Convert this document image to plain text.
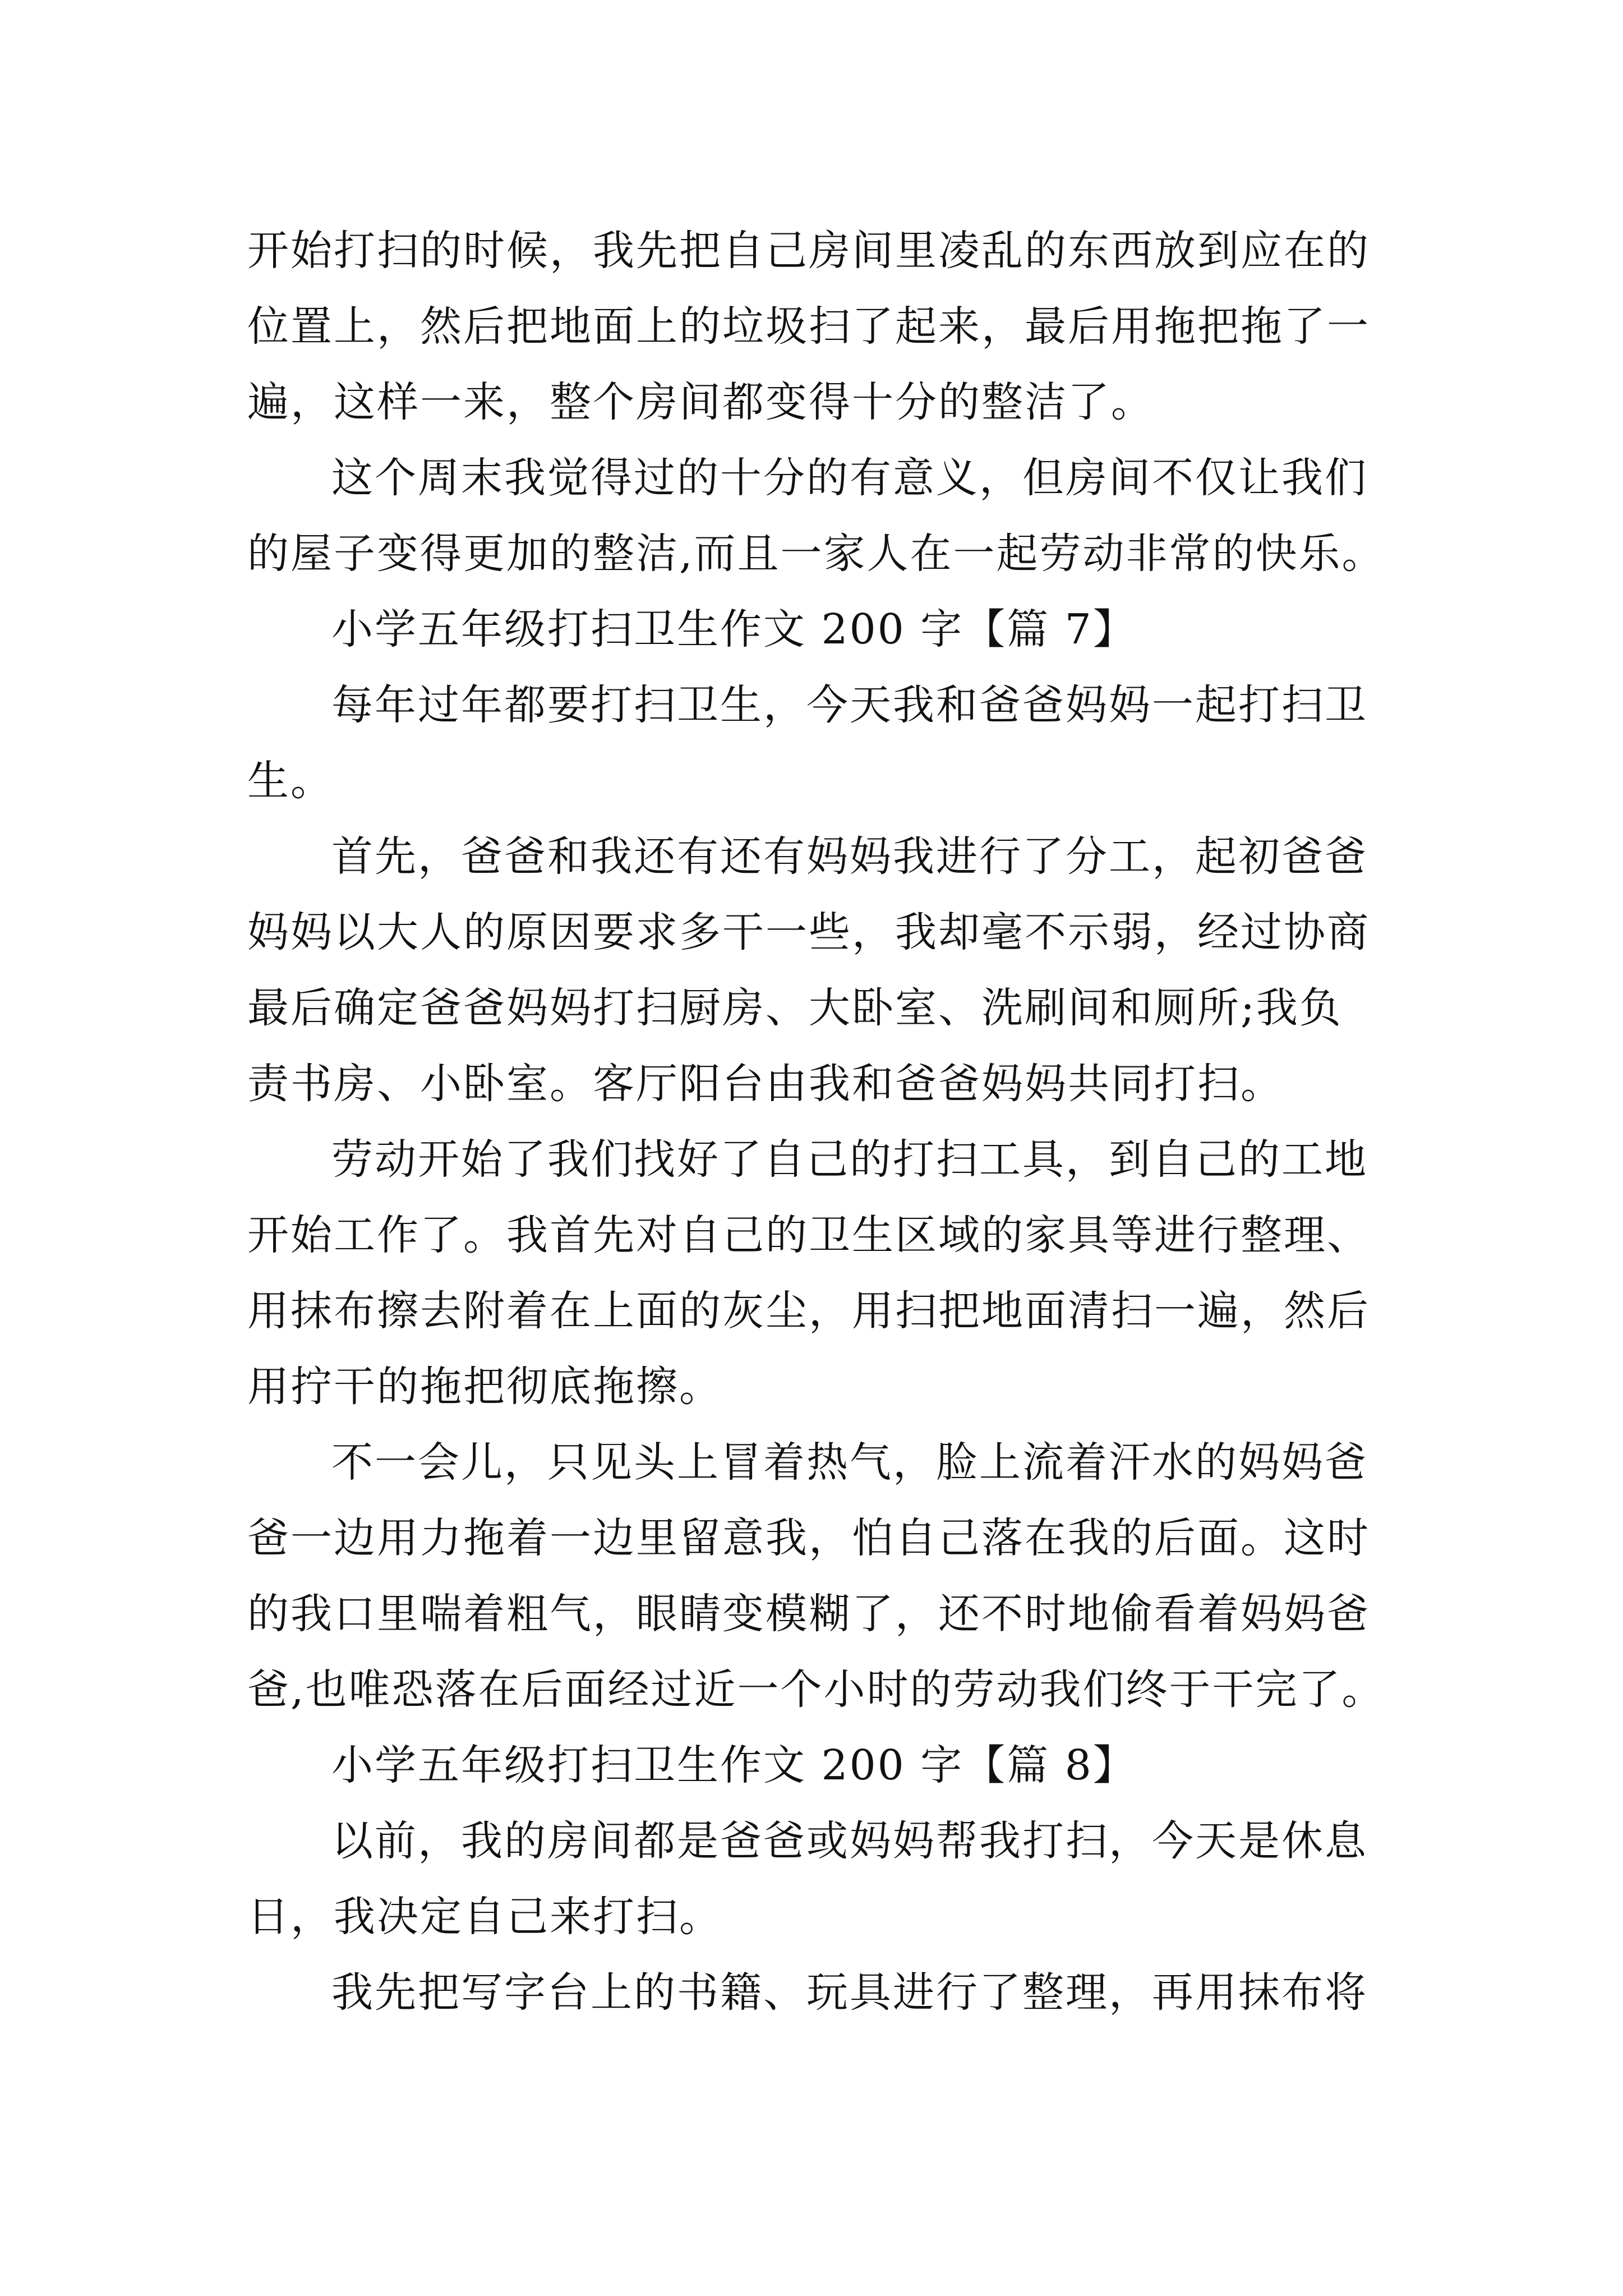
开始打扫的时候，我先把自己房间里凌乱的东西放到应在的
位置上，然后把地面上的垃圾扫了起来，最后用拖把拖了一
遍，这样一来，整个房间都变得十分的整洁了。
这个周末我觉得过的十分的有意义，但房间不仅让我们
的屋子变得更加的整洁,而且一家人在一起劳动非常的快乐。
小学五年级打扫卫生作文 200 字【篇 7】
每年过年都要打扫卫生，今天我和爸爸妈妈一起打扫卫
生。
首先，爸爸和我还有还有妈妈我进行了分工，起初爸爸
妈妈以大人的原因要求多干一些，我却毫不示弱，经过协商
最后确定爸爸妈妈打扫厨房、大卧室、洗刷间和厕所;我负
责书房、小卧室。客厅阳台由我和爸爸妈妈共同打扫。
劳动开始了我们找好了自己的打扫工具，到自己的工地
开始工作了。我首先对自己的卫生区域的家具等进行整理、
用抹布擦去附着在上面的灰尘，用扫把地面清扫一遍，然后
用拧干的拖把彻底拖擦。
不一会儿，只见头上冒着热气，脸上流着汗水的妈妈爸
爸一边用力拖着一边里留意我，怕自己落在我的后面。这时
的我口里喘着粗气，眼睛变模糊了，还不时地偷看着妈妈爸
爸,也唯恐落在后面经过近一个小时的劳动我们终于干完了。
小学五年级打扫卫生作文 200 字【篇 8】
以前，我的房间都是爸爸或妈妈帮我打扫，今天是休息
日，我决定自己来打扫。
我先把写字台上的书籍、玩具进行了整理，再用抹布将
